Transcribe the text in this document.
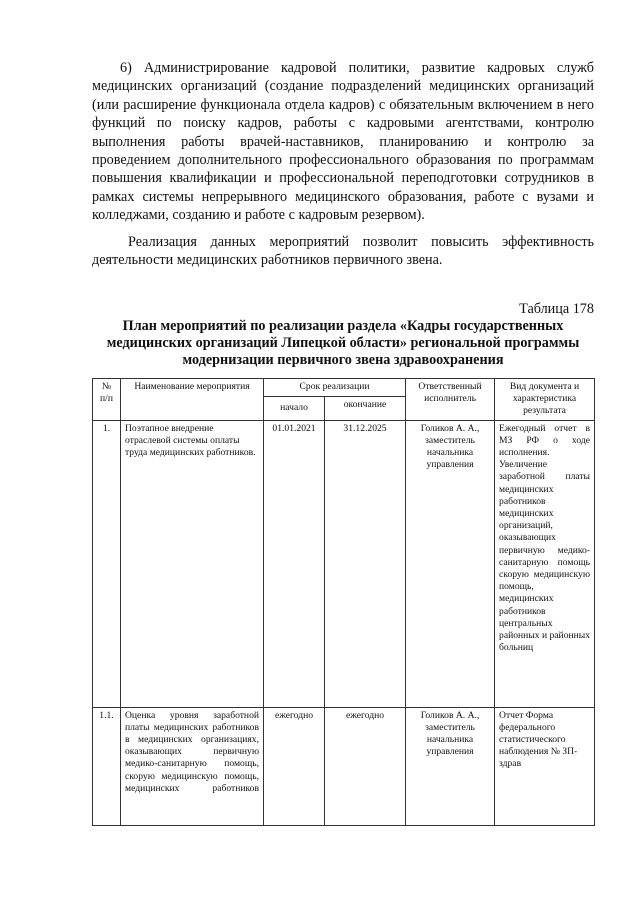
6) Администрирование кадровой политики, развитие кадровых служб медицинских организаций (создание подразделений медицинских организаций (или расширение функционала отдела кадров) с обязательным включением в него функций по поиску кадров, работы с кадровыми агентствами, контролю выполнения работы врачей-наставников, планированию и контролю за проведением дополнительного профессионального образования по программам повышения квалификации и профессиональной переподготовки сотрудников в рамках системы непрерывного медицинского образования, работе с вузами и колледжами, созданию и работе с кадровым резервом).

Реализация данных мероприятий позволит повысить эффективность деятельности медицинских работников первичного звена.

Таблица 178
План мероприятий по реализации раздела «Кадры государственных медицинских организаций Липецкой области» региональной программы модернизации первичного звена здравоохранения
№ п/п	Наименование мероприятия	Срок реализации		Ответственный исполнитель	Вид документа и характеристика результата
		начало	окончание		
1.	Поэтапное внедрение отраслевой системы оплаты труда медицинских работников.	01.01.2021	31.12.2025	Голиков А. А., заместитель начальника управления	Ежегодный отчет в МЗ РФ о ходе исполнения. Увеличение заработной платы медицинских работников медицинских организаций, оказывающих первичную медико-санитарную помощь скорую медицинскую помощь, медицинских работников центральных районных и районных больниц
1.1.	Оценка уровня заработной платы медицинских работников в медицинских организациях, оказывающих первичную медико-санитарную помощь, скорую медицинскую помощь, медицинских работников	ежегодно	ежегодно	Голиков А. А., заместитель начальника управления	Отчет Форма федерального статистического наблюдения № ЗП-здрав
